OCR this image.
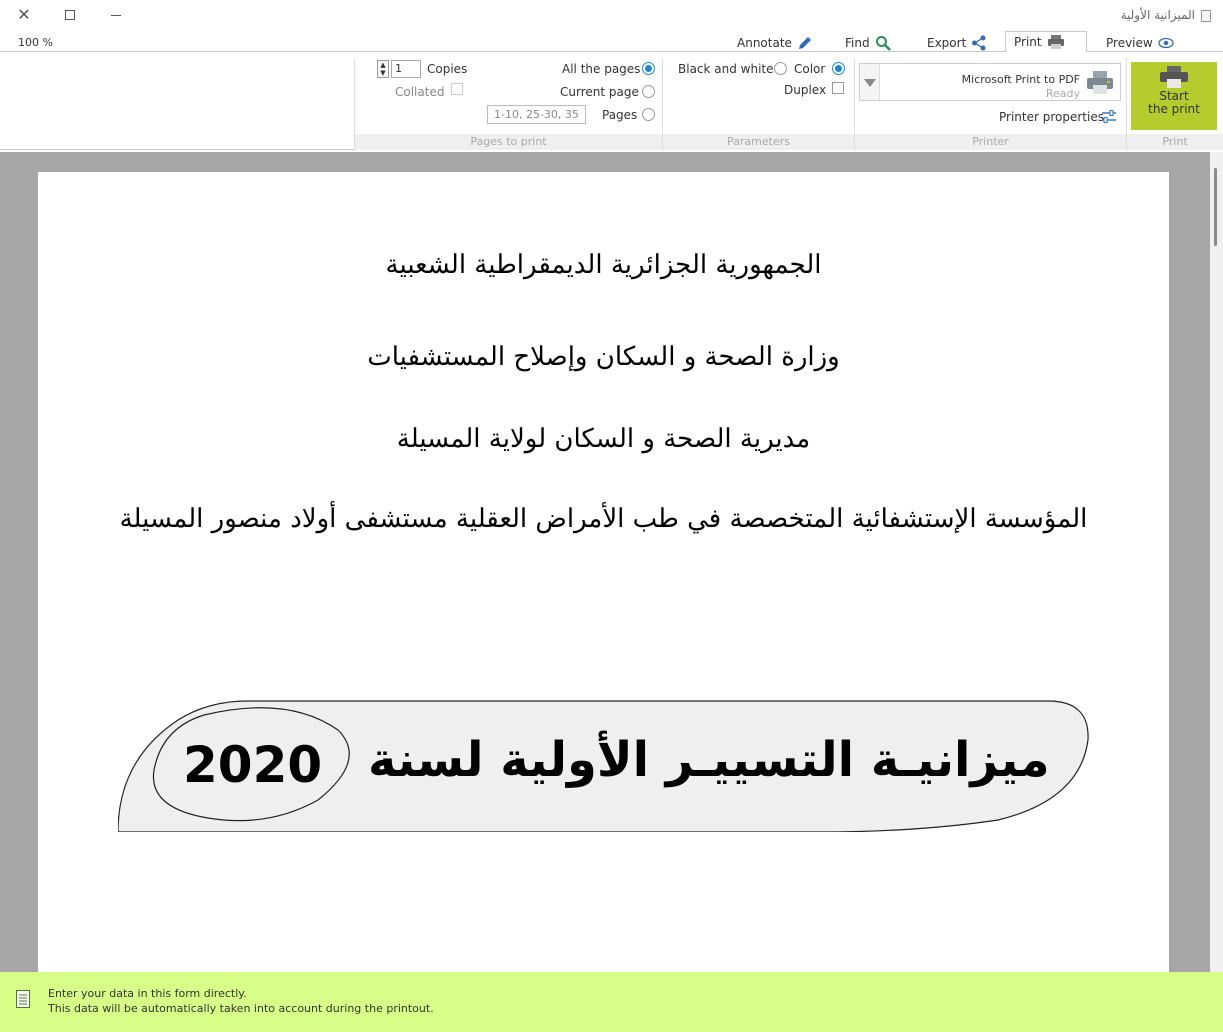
✕	الميزانية الأولية
Annotate	Find	Export	Print	Preview
100 %
▲
▼ 1	Copies
Collated
All the pages
Current page
1-10, 25-30, 35	Pages
Pages to print
Black and white Color
Duplex
Parameters
Microsoft Print to PDF
Ready
Printer properties
Printer
Start
the print
Print
الجمهورية الجزائرية الديمقراطية الشعبية
وزارة الصحة و السكان وإصلاح المستشفيات
مديرية الصحة و السكان لولاية المسيلة
المؤسسة الإستشفائية المتخصصة في طب الأمراض العقلية مستشفى أولاد منصور المسيلة
ميزانيـة التسييـر الأولية لسنة
2020
Enter your data in this form directly.
This data will be automatically taken into account during the printout.
